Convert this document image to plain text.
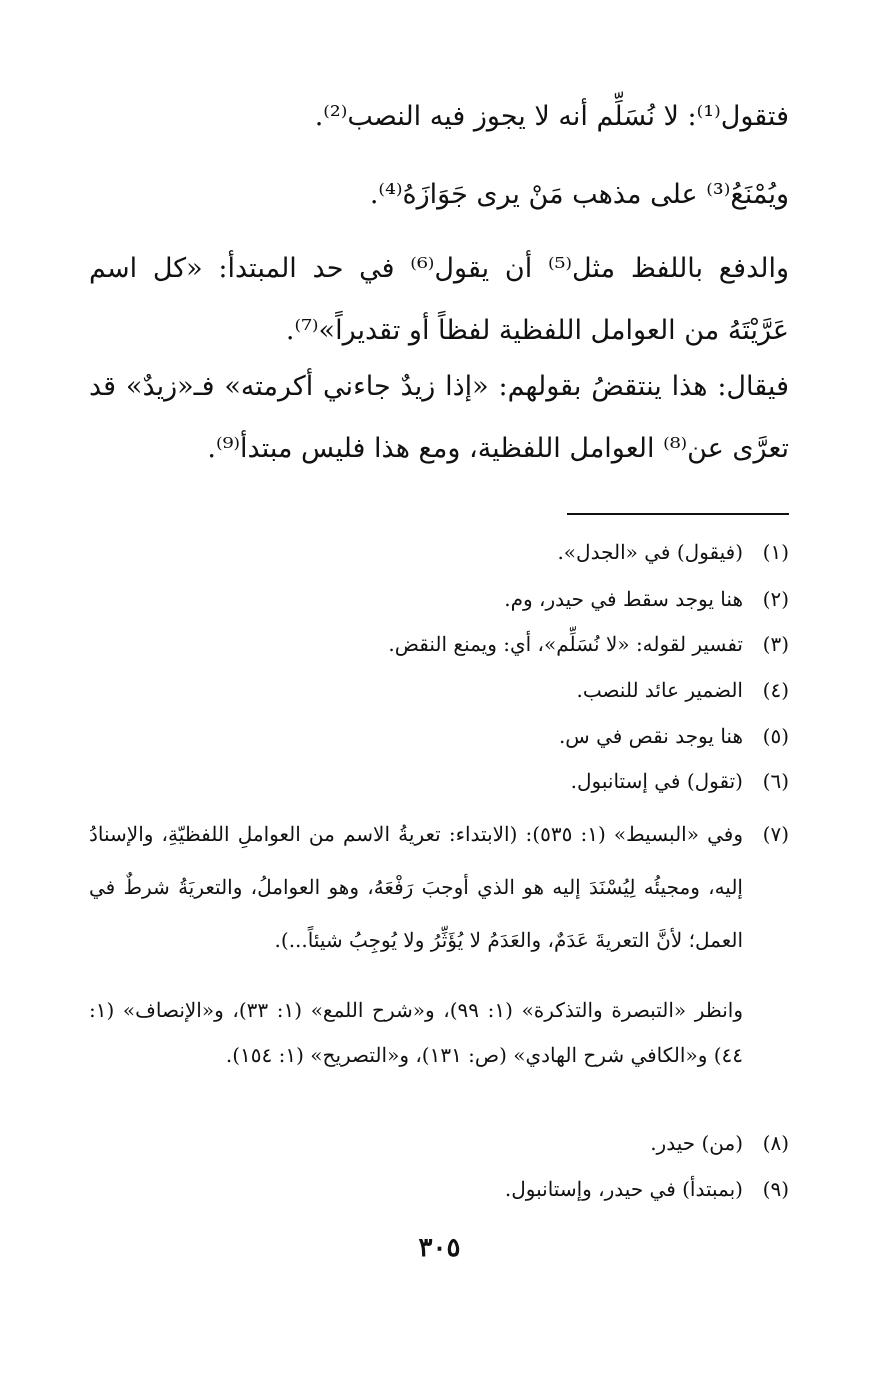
فتقول⁽¹⁾: لا نُسَلِّم أنه لا يجوز فيه النصب⁽²⁾.

ويُمْنَعُ⁽³⁾ على مذهب مَنْ يرى جَوَازَهُ⁽⁴⁾.

والدفع باللفظ مثل⁽⁵⁾ أن يقول⁽⁶⁾ في حد المبتدأ: «كل اسم عَرَّيْتَهُ من العوامل اللفظية لفظاً أو تقديراً»⁽⁷⁾.

فيقال: هذا ينتقضُ بقولهم: «إذا زيدٌ جاءني أكرمته» فـ«زيدٌ» قد تعرَّى عن⁽⁸⁾ العوامل اللفظية، ومع هذا فليس مبتدأ⁽⁹⁾.

(١)
(فيقول) في «الجدل».
(٢)
هنا يوجد سقط في حيدر، وم.
(٣)
تفسير لقوله: «لا نُسَلِّم»، أي: ويمنع النقض.
(٤)
الضمير عائد للنصب.
(٥)
هنا يوجد نقص في س.
(٦)
(تقول) في إستانبول.
(٧)
وفي «البسيط» (١: ٥٣٥): (الابتداء: تعريةُ الاسم من العواملِ اللفظيّةِ، والإسنادُ إليه، ومجيئُه لِيُسْنَدَ إليه هو الذي أوجبَ رَفْعَهُ، وهو العواملُ، والتعريَةُ شرطٌ في العمل؛ لأنَّ التعريةَ عَدَمٌ، والعَدَمُ لا يُؤَثِّرُ ولا يُوجِبُ شيئاً...).

وانظر «التبصرة والتذكرة» (١: ٩٩)، و«شرح اللمع» (١: ٣٣)، و«الإنصاف» (١: ٤٤) و«الكافي شرح الهادي» (ص: ١٣١)، و«التصريح» (١: ١٥٤).

(٨)
(من) حيدر.
(٩)
(بمبتدأ) في حيدر، وإستانبول.
٣٠٥
